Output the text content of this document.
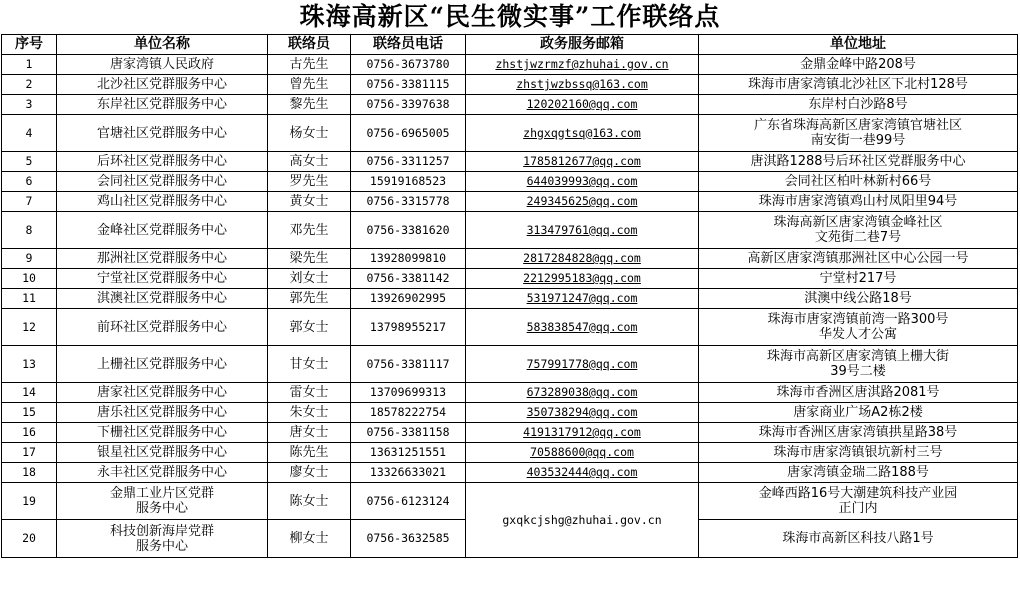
珠海高新区“民生微实事”工作联络点
序号	单位名称	联络员	联络员电话	政务服务邮箱	单位地址
1	唐家湾镇人民政府	古先生	0756-3673780	zhstjwzrmzf@zhuhai.gov.cn	金鼎金峰中路208号

2	北沙社区党群服务中心	曾先生	0756-3381115	zhstjwzbssq@163.com	珠海市唐家湾镇北沙社区下北村128号

3	东岸社区党群服务中心	黎先生	0756-3397638	120202160@qq.com	东岸村白沙路8号

4	官塘社区党群服务中心	杨女士	0756-6965005	zhgxqgtsq@163.com	广东省珠海高新区唐家湾镇官塘社区
南安街一巷99号

5	后环社区党群服务中心	高女士	0756-3311257	1785812677@qq.com	唐淇路1288号后环社区党群服务中心

6	会同社区党群服务中心	罗先生	15919168523	644039993@qq.com	会同社区柏叶林新村66号

7	鸡山社区党群服务中心	黄女士	0756-3315778	249345625@qq.com	珠海市唐家湾镇鸡山村凤阳里94号

8	金峰社区党群服务中心	邓先生	0756-3381620	313479761@qq.com	珠海高新区唐家湾镇金峰社区
文苑街二巷7号

9	那洲社区党群服务中心	梁先生	13928099810	2817284828@qq.com	高新区唐家湾镇那洲社区中心公园一号

10	宁堂社区党群服务中心	刘女士	0756-3381142	2212995183@qq.com	宁堂村217号

11	淇澳社区党群服务中心	郭先生	13926902995	531971247@qq.com	淇澳中线公路18号

12	前环社区党群服务中心	郭女士	13798955217	583838547@qq.com	珠海市唐家湾镇前湾一路300号
华发人才公寓

13	上栅社区党群服务中心	甘女士	0756-3381117	757991778@qq.com	珠海市高新区唐家湾镇上栅大街
39号二楼

14	唐家社区党群服务中心	雷女士	13709699313	673289038@qq.com	珠海市香洲区唐淇路2081号

15	唐乐社区党群服务中心	朱女士	18578222754	350738294@qq.com	唐家商业广场A2栋2楼

16	下栅社区党群服务中心	唐女士	0756-3381158	4191317912@qq.com	珠海市香洲区唐家湾镇拱星路38号

17	银星社区党群服务中心	陈先生	13631251551	70588600@qq.com	珠海市唐家湾镇银坑新村三号

18	永丰社区党群服务中心	廖女士	13326633021	403532444@qq.com	唐家湾镇金瑞二路188号

19	金鼎工业片区党群
服务中心	陈女士	0756-6123124	gxqkcjshg@zhuhai.gov.cn	金峰西路16号大潮建筑科技产业园
正门内

20	科技创新海岸党群
服务中心	柳女士	0756-3632585		珠海市高新区科技八路1号
